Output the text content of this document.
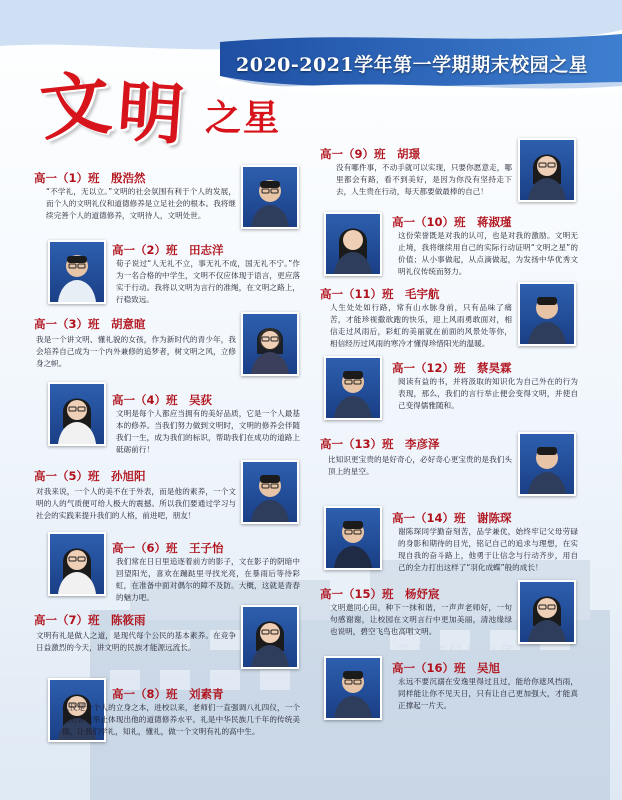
江苏省仪征中学
2020-2021学年第一学期期末校园之星
文 明 之星
高一（1）班　殷浩然
“不学礼，无以立。”文明的社会氛围有利于个人的发展，而个人的文明礼仪和道德修养是立足社会的根本。我将继续完善个人的道德修养，文明待人，文明处世。
高一（2）班　田志洋
荀子说过“人无礼不立，事无礼不成，国无礼不宁。”作为一名合格的中学生，文明不仅应体现于语言，更应落实于行动。我将以文明为言行的准绳，在文明之路上，行稳致远。
高一（3）班　胡意暄
我是一个讲文明、懂礼貌的女孩，作为新时代的青少年，我会培养自己成为一个内外兼修的追梦者，树文明之风，立修身之帜。
高一（4）班　吴荻
文明是每个人都应当拥有的美好品质，它是一个人最基本的修养。当我们努力做到文明时，文明的修养会伴随我们一生，成为我们的标识，帮助我们在成功的道路上砥砺前行！
高一（5）班　孙旭阳
对我来说，一个人的美不在于外表，而是他的素养，一个文明的人的气质便可给人极大的震撼。所以我们要通过学习与社会的实践来提升我们的人格，前进吧，朋友！
高一（6）班　王子怡
我们常在日日里追逐着前方的影子，文在影子的阴暗中回望阳光，喜欢在蹦跶里寻找光亮，在暴雨后等待彩虹，在准备中面对偶尔的障不及防。大概，这就是青春的魅力吧。
高一（7）班　陈筱雨
文明有礼是做人之道，是现代每个公民的基本素养。在竞争日益激烈的今天，讲文明的民族才能源远流长。
高一（8）班　刘素青
礼仪是一个人的立身之本，进校以来，老师们一直强调八礼四仪，一个人的言谈举止体现出他的道德修养水平。礼是中华民族几千年的传统美德，让我们学礼，知礼，懂礼，做一个文明有礼的高中生。
高一（9）班　胡璟
没有哪件事，不动手就可以实现，只要你愿意走，哪里都会有路，看不到美好，是因为你没有坚持走下去，人生贵在行动，每天都要做最棒的自己！
高一（10）班　蒋淑瑾
这份荣誉既是对我的认可，也是对我的激励。文明无止境，我将继续用自己的实际行动证明“文明之星”的价值；从小事做起，从点滴做起，为发扬中华优秀文明礼仪传统而努力。
高一（11）班　毛宇航
人生处处如行路，常有山水脉身前，只有品味了痛苦，才能珍视撒欲跑的快乐，迎上风雨勇敢面对，相信走过风雨后，彩虹的美丽就在前面的风景处等你，相信经历过风雨的寒冷才懂得珍惜阳光的温暖。
高一（12）班　蔡昊霖
阅读有益的书，并将汲取的知识化为自己外在的行为表现，那么，我们的言行举止便会变得文明，并使自己变得儒雅随和。
高一（13）班　李彦泽
比知识更宝贵的是好奇心，必好奇心更宝贵的是我们头顶上的星空。
高一（14）班　谢陈琛
谢陈琛同学勤奋刻苦，品学兼优，始终牢记父母劳碌的身影和期待的目光，铭记自己的追求与理想，在实现自我的奋斗路上，他勇于让信念与行动齐步，用自己的全力打出这样了“羽化成蝶”般的成长！
高一（15）班　杨妤宸
文明邀同心田，种下一抹和谐，一声声老师好，一句句感谢谢，让校园在文明言行中更加美丽，清池缘绿也说明，碧空飞鸟也高唱文明。
高一（16）班　吴旭
永远不要沉溺在安逸里得过且过，能给你遮风挡雨，同样能让你不见天日，只有让自己更加强大，才能真正撑起一片天。
